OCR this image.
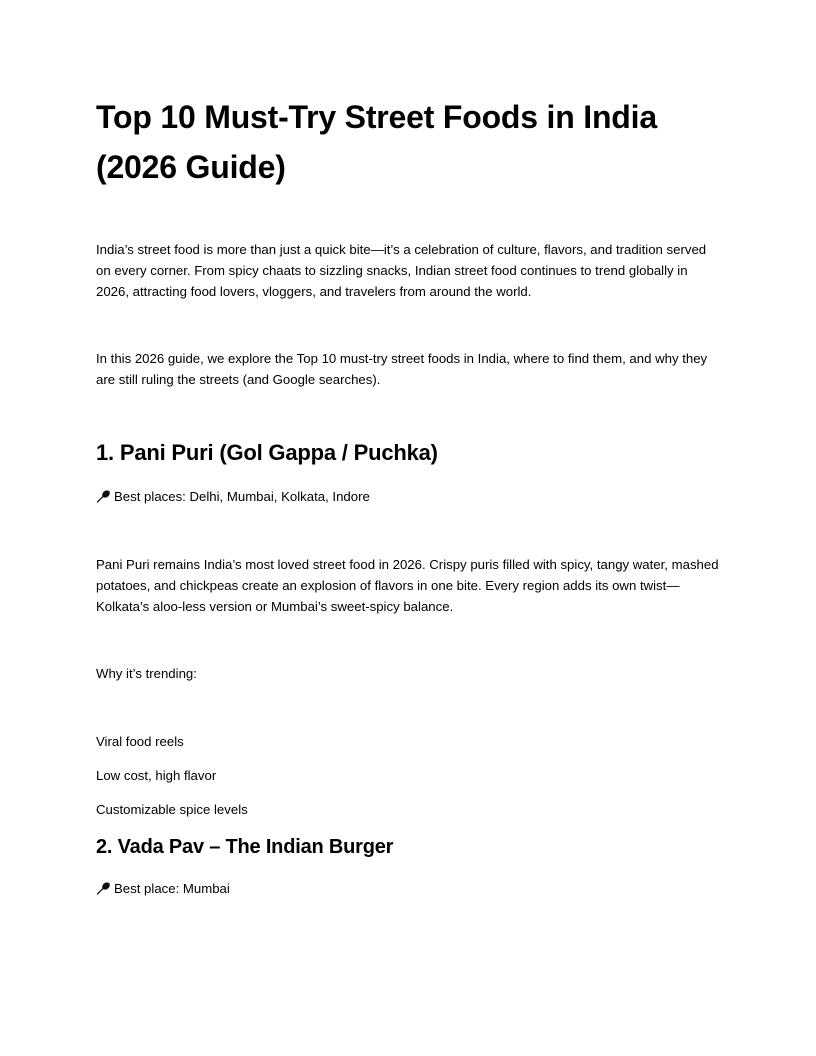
Top 10 Must-Try Street Foods in India (2026 Guide)

India’s street food is more than just a quick bite—it’s a celebration of culture, flavors, and tradition served on every corner. From spicy chaats to sizzling snacks, Indian street food continues to trend globally in 2026, attracting food lovers, vloggers, and travelers from around the world.

In this 2026 guide, we explore the Top 10 must-try street foods in India, where to find them, and why they are still ruling the streets (and Google searches).

1. Pani Puri (Gol Gappa / Puchka)

Best places: Delhi, Mumbai, Kolkata, Indore

Pani Puri remains India’s most loved street food in 2026. Crispy puris filled with spicy, tangy water, mashed potatoes, and chickpeas create an explosion of flavors in one bite. Every region adds its own twist—Kolkata’s aloo-less version or Mumbai’s sweet-spicy balance.

Why it’s trending:

Viral food reels

Low cost, high flavor

Customizable spice levels

2. Vada Pav – The Indian Burger

Best place: Mumbai
